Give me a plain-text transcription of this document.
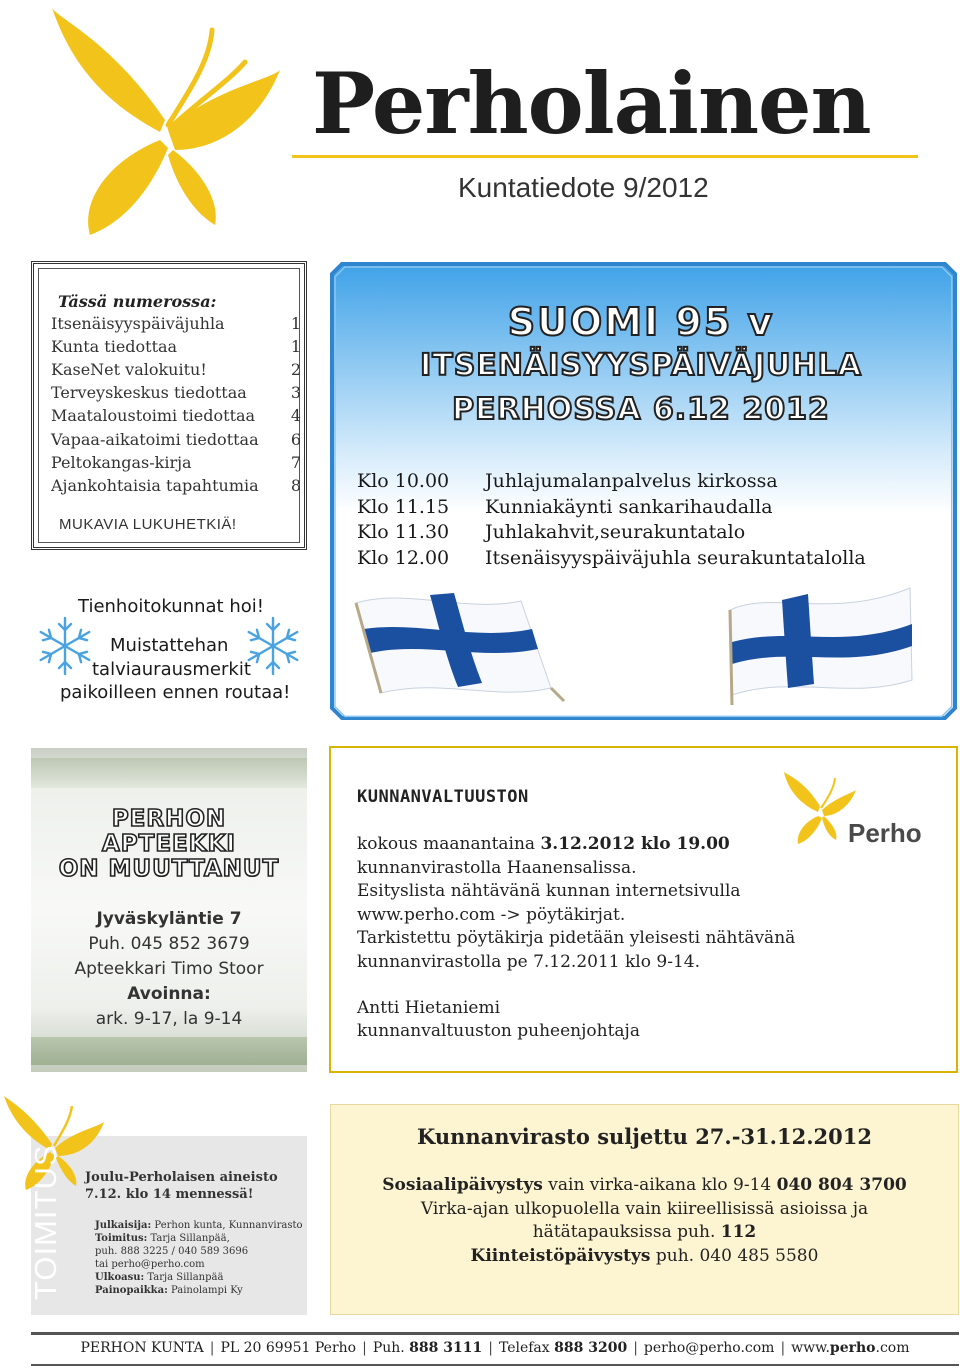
Perholainen
Kuntatiedote 9/2012
Tässä numerossa:
Itsenäisyyspäiväjuhla	1
Kunta tiedottaa	1
KaseNet valokuitu!	2
Terveyskeskus tiedottaa	3
Maataloustoimi tiedottaa 4
Vapaa-aikatoimi tiedottaa 6
Peltokangas-kirja	7
Ajankohtaisia tapahtumia 8
MUKAVIA LUKUHETKIÄ!
SUOMI 95 v
ITSENÄISYYSPÄIVÄJUHLA
PERHOSSA 6.12 2012
Klo 10.00 Juhlajumalanpalvelus kirkossa
Klo 11.15 Kunniakäynti sankarihaudalla
Klo 11.30 Juhlakahvit,seurakuntatalo
Klo 12.00 Itsenäisyyspäiväjuhla seurakuntatalolla
Tienhoitokunnat hoi!
Muistattehan
talviaurausmerkit
paikoilleen ennen routaa!
PERHON
APTEEKKI
ON MUUTTANUT
Jyväskyläntie 7
Puh. 045 852 3679
Apteekkari Timo Stoor
Avoinna:
ark. 9-17, la 9-14
KUNNANVALTUUSTON
Perho
kokous maanantaina 3.12.2012 klo 19.00
kunnanvirastolla Haanensalissa.
Esityslista nähtävänä kunnan internetsivulla
www.perho.com -> pöytäkirjat.
Tarkistettu pöytäkirja pidetään yleisesti nähtävänä
kunnanvirastolla pe 7.12.2011 klo 9-14.
Antti Hietaniemi
kunnanvaltuuston puheenjohtaja
TOIMITUS Joulu-Perholaisen aineisto
7.12. klo 14 mennessä!
Julkaisija: Perhon kunta, Kunnanvirasto
Toimitus: Tarja Sillanpää,
puh. 888 3225 / 040 589 3696
tai perho@perho.com
Ulkoasu: Tarja Sillanpää
Painopaikka: Painolampi Ky
Kunnanvirasto suljettu 27.-31.12.2012
Sosiaalipäivystys vain virka-aikana klo 9-14 040 804 3700
Virka-ajan ulkopuolella vain kiireellisissä asioissa ja
hätätapauksissa puh. 112
Kiinteistöpäivystys puh. 040 485 5580
PERHON KUNTA | PL 20 69951 Perho | Puh. 888 3111 | Telefax 888 3200 | perho@perho.com | www.perho.com
